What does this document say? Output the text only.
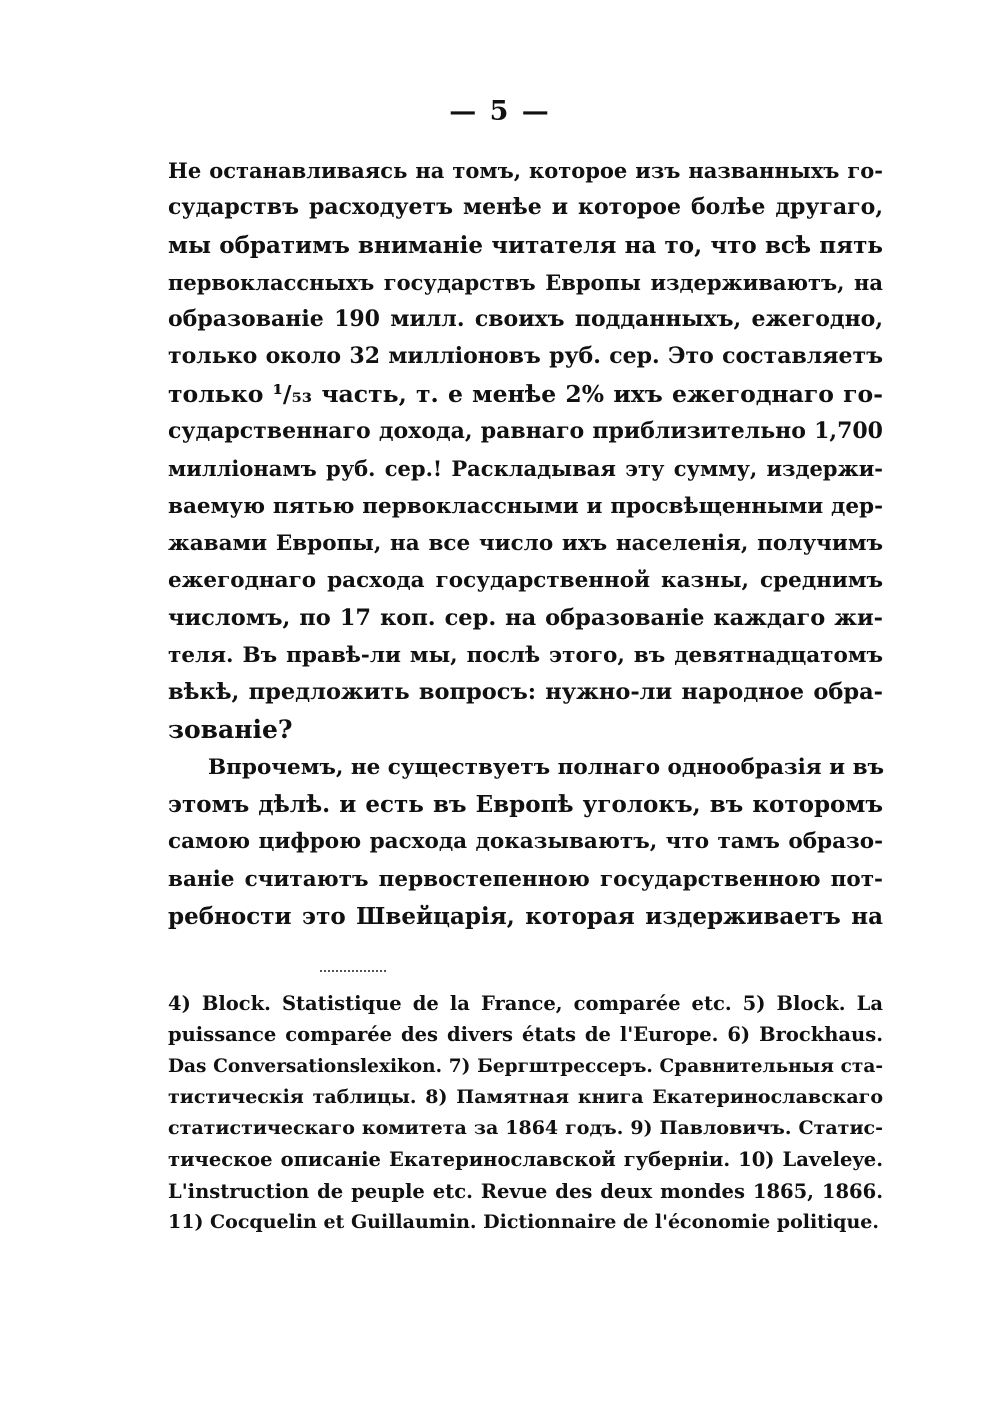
— 5 —
Не останавливаясь на томъ, которое изъ названныхъ го-
сударствъ расходуетъ менѣе и которое болѣе другаго,
мы обратимъ вниманіе читателя на то, что всѣ пять
первоклассныхъ государствъ Европы издерживаютъ, на
образованіе 190 милл. своихъ подданныхъ, ежегодно,
только около 32 милліоновъ руб. сер. Это составляетъ
только ¹/₅₃ часть, т. е менѣе 2% ихъ ежегоднаго го-
сударственнаго дохода, равнаго приблизительно 1,700
милліонамъ руб. сер.! Раскладывая эту сумму, издержи-
ваемую пятью первоклассными и просвѣщенными дер-
жавами Европы, на все число ихъ населенія, получимъ
ежегоднаго расхода государственной казны, среднимъ
числомъ, по 17 коп. сер. на образованіе каждаго жи-
теля. Въ правѣ-ли мы, послѣ этого, въ девятнадцатомъ
вѣкѣ, предложить вопросъ: нужно-ли народное обра-
зованіе?
Впрочемъ, не существуетъ полнаго однообразія и въ
этомъ дѣлѣ. и есть въ Европѣ уголокъ, въ которомъ
самою цифрою расхода доказываютъ, что тамъ образо-
ваніе считаютъ первостепенною государственною пот-
ребности это Швейцарія, которая издерживаетъ на
4) Block. Statistique de la France, comparée etc. 5) Block. La
puissance comparée des divers états de l'Europe. 6) Brockhaus.
Das Conversationslexikon. 7) Бергштрессеръ. Сравнительныя ста-
тистическія таблицы. 8) Памятная книга Екатеринославскаго
статистическаго комитета за 1864 годъ. 9) Павловичъ. Статис-
тическое описаніе Екатеринославской губерніи. 10) Laveleye.
L'instruction de peuple etc. Revue des deux mondes 1865, 1866.
11) Cocquelin et Guillaumin. Dictionnaire de l'économie politique.
